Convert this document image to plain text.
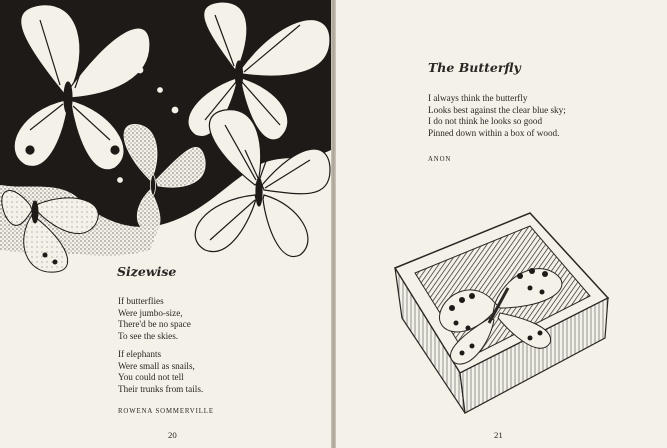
Sizewise
If butterflies
Were jumbo-size,
There'd be no space
To see the skies.
If elephants
Were small as snails,
You could not tell
Their trunks from tails.
ROWENA SOMMERVILLE
20
The Butterfly
I always think the butterfly
Looks best against the clear blue sky;
I do not think he looks so good
Pinned down within a box of wood.
ANON
21
